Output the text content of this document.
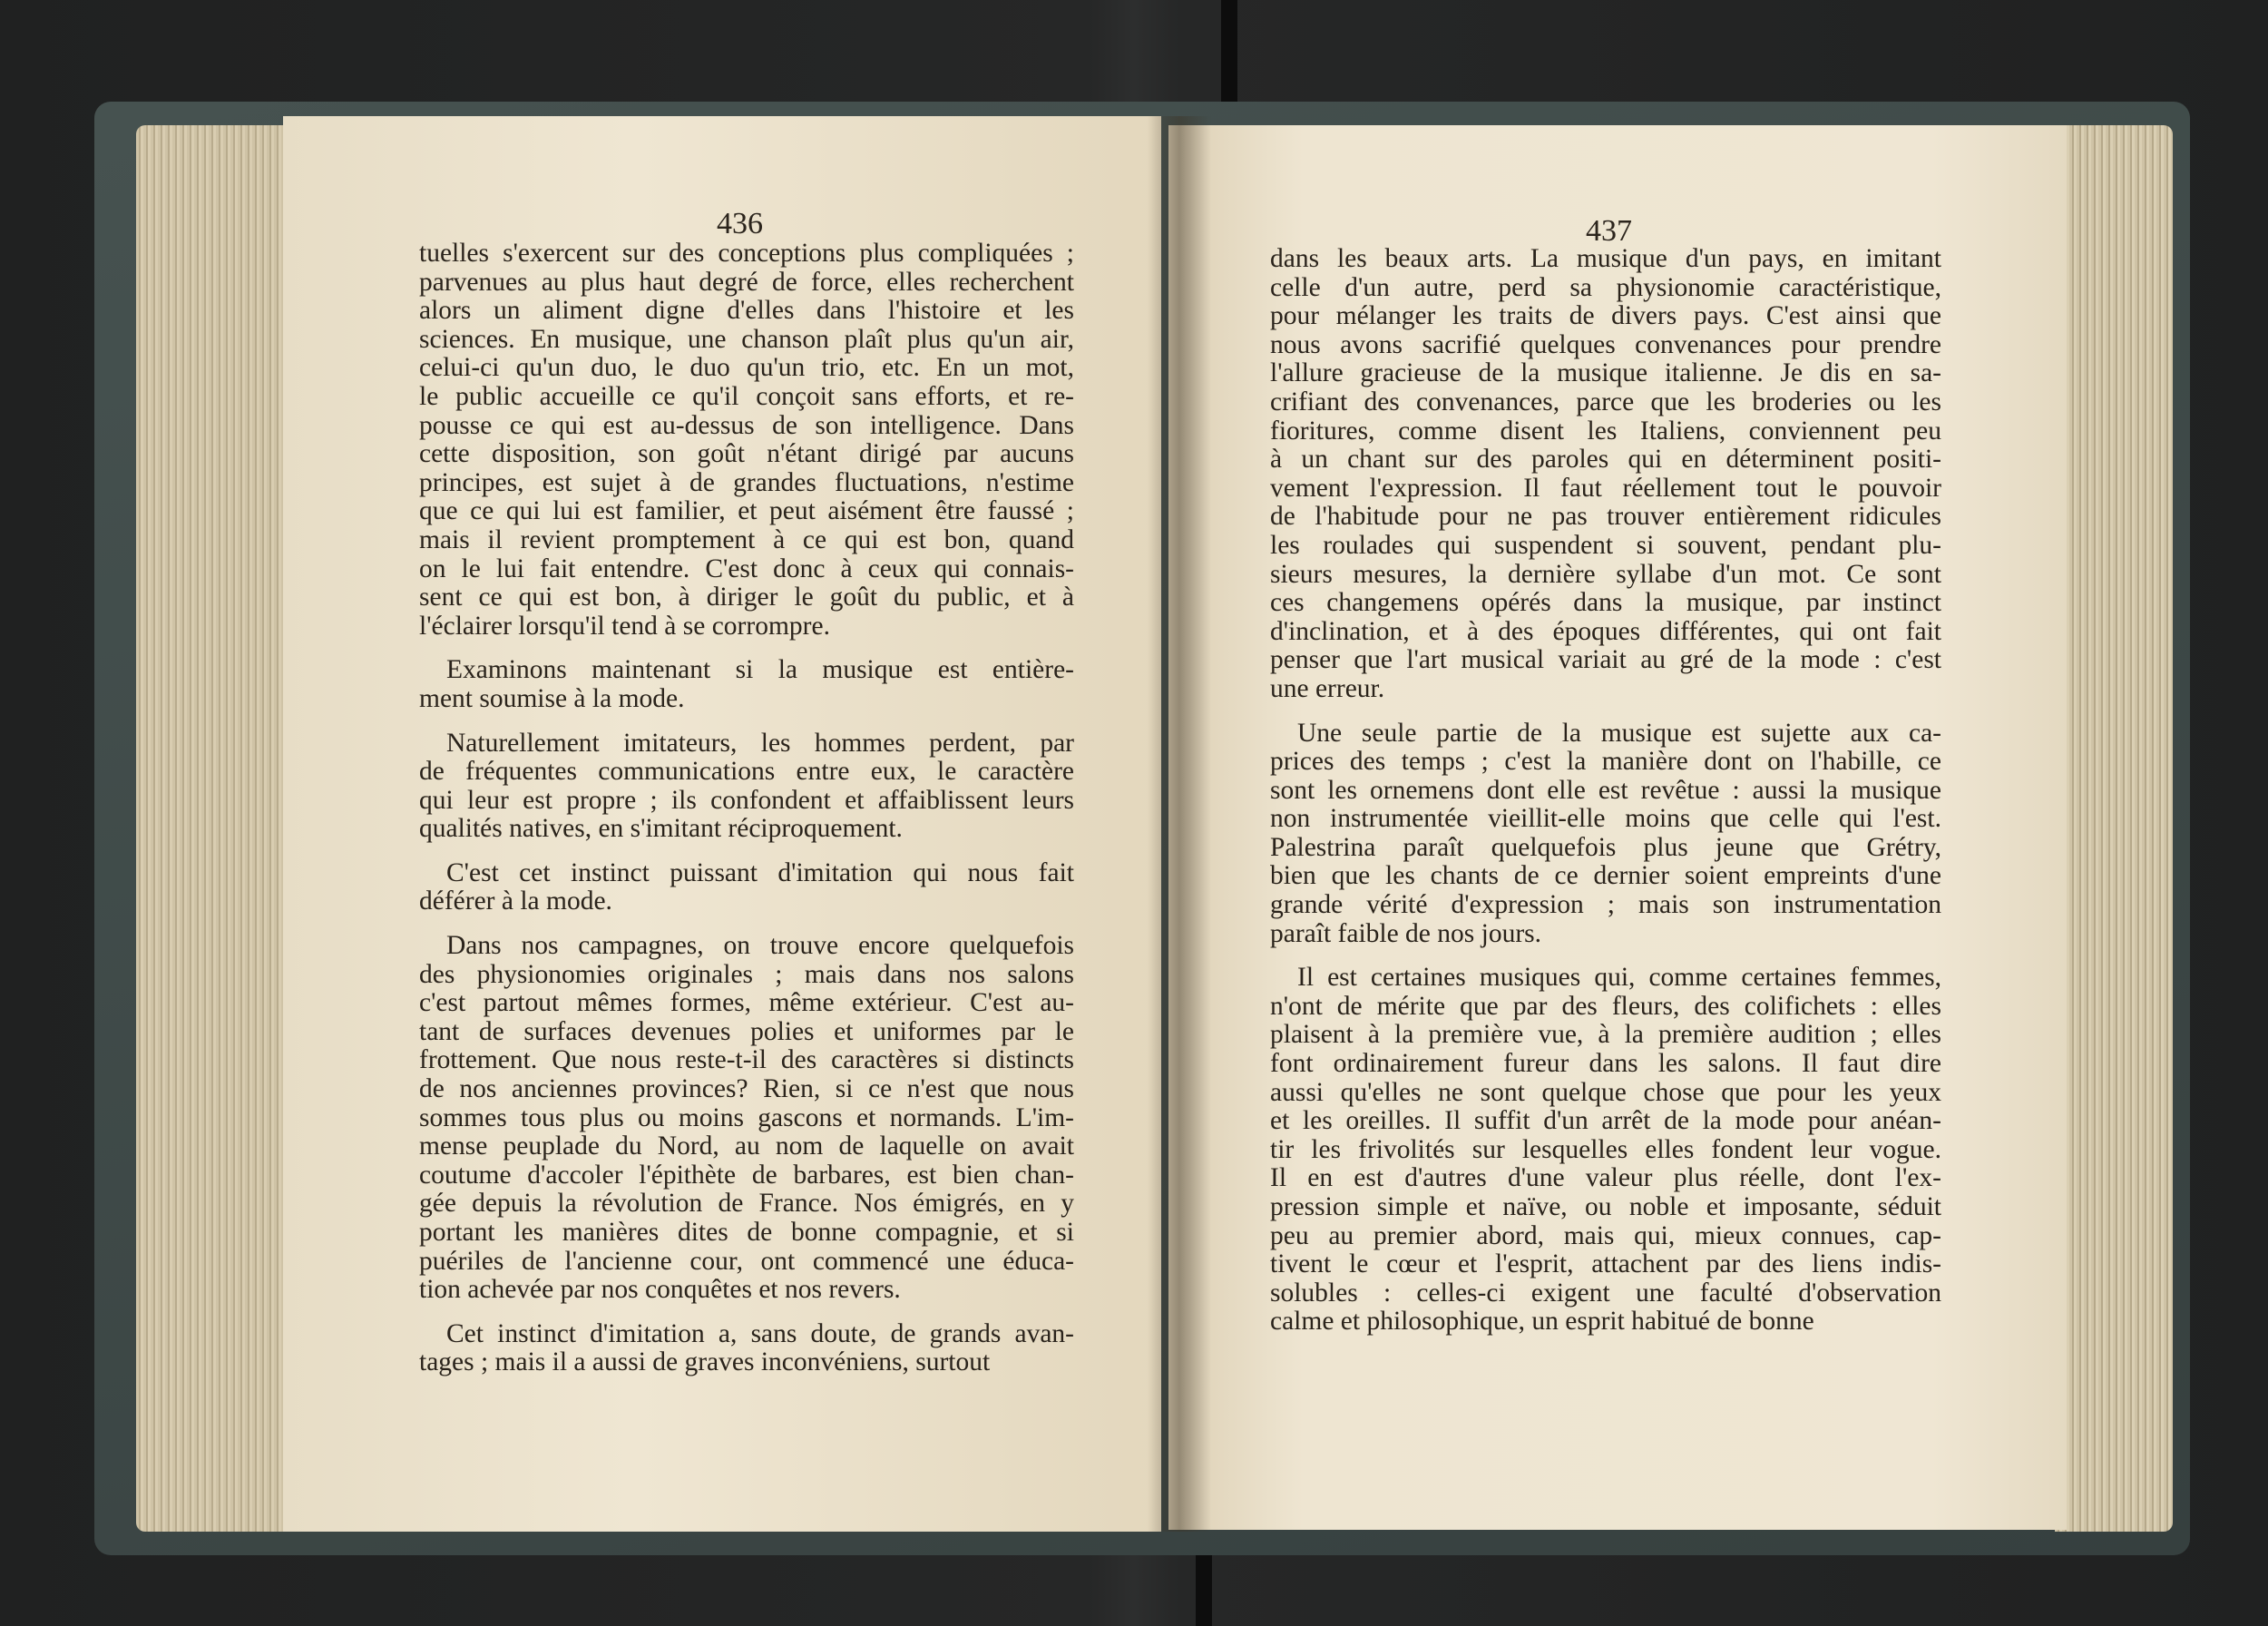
436
tuelles s'exercent sur des conceptions plus compliquées ;
parvenues au plus haut degré de force, elles recherchent
alors un aliment digne d'elles dans l'histoire et les
sciences. En musique, une chanson plaît plus qu'un air,
celui-ci qu'un duo, le duo qu'un trio, etc. En un mot,
le public accueille ce qu'il conçoit sans efforts, et re-
pousse ce qui est au-dessus de son intelligence. Dans
cette disposition, son goût n'étant dirigé par aucuns
principes, est sujet à de grandes fluctuations, n'estime
que ce qui lui est familier, et peut aisément être faussé ;
mais il revient promptement à ce qui est bon, quand
on le lui fait entendre. C'est donc à ceux qui connais-
sent ce qui est bon, à diriger le goût du public, et à
l'éclairer lorsqu'il tend à se corrompre.
Examinons maintenant si la musique est entière-
ment soumise à la mode.
Naturellement imitateurs, les hommes perdent, par
de fréquentes communications entre eux, le caractère
qui leur est propre ; ils confondent et affaiblissent leurs
qualités natives, en s'imitant réciproquement.
C'est cet instinct puissant d'imitation qui nous fait
déférer à la mode.
Dans nos campagnes, on trouve encore quelquefois
des physionomies originales ; mais dans nos salons
c'est partout mêmes formes, même extérieur. C'est au-
tant de surfaces devenues polies et uniformes par le
frottement. Que nous reste-t-il des caractères si distincts
de nos anciennes provinces? Rien, si ce n'est que nous
sommes tous plus ou moins gascons et normands. L'im-
mense peuplade du Nord, au nom de laquelle on avait
coutume d'accoler l'épithète de barbares, est bien chan-
gée depuis la révolution de France. Nos émigrés, en y
portant les manières dites de bonne compagnie, et si
puériles de l'ancienne cour, ont commencé une éduca-
tion achevée par nos conquêtes et nos revers.
Cet instinct d'imitation a, sans doute, de grands avan-
tages ; mais il a aussi de graves inconvéniens, surtout
437
dans les beaux arts. La musique d'un pays, en imitant
celle d'un autre, perd sa physionomie caractéristique,
pour mélanger les traits de divers pays. C'est ainsi que
nous avons sacrifié quelques convenances pour prendre
l'allure gracieuse de la musique italienne. Je dis en sa-
crifiant des convenances, parce que les broderies ou les
fioritures, comme disent les Italiens, conviennent peu
à un chant sur des paroles qui en déterminent positi-
vement l'expression. Il faut réellement tout le pouvoir
de l'habitude pour ne pas trouver entièrement ridicules
les roulades qui suspendent si souvent, pendant plu-
sieurs mesures, la dernière syllabe d'un mot. Ce sont
ces changemens opérés dans la musique, par instinct
d'inclination, et à des époques différentes, qui ont fait
penser que l'art musical variait au gré de la mode : c'est
une erreur.
Une seule partie de la musique est sujette aux ca-
prices des temps ; c'est la manière dont on l'habille, ce
sont les ornemens dont elle est revêtue : aussi la musique
non instrumentée vieillit-elle moins que celle qui l'est.
Palestrina paraît quelquefois plus jeune que Grétry,
bien que les chants de ce dernier soient empreints d'une
grande vérité d'expression ; mais son instrumentation
paraît faible de nos jours.
Il est certaines musiques qui, comme certaines femmes,
n'ont de mérite que par des fleurs, des colifichets : elles
plaisent à la première vue, à la première audition ; elles
font ordinairement fureur dans les salons. Il faut dire
aussi qu'elles ne sont quelque chose que pour les yeux
et les oreilles. Il suffit d'un arrêt de la mode pour anéan-
tir les frivolités sur lesquelles elles fondent leur vogue.
Il en est d'autres d'une valeur plus réelle, dont l'ex-
pression simple et naïve, ou noble et imposante, séduit
peu au premier abord, mais qui, mieux connues, cap-
tivent le cœur et l'esprit, attachent par des liens indis-
solubles : celles-ci exigent une faculté d'observation
calme et philosophique, un esprit habitué de bonne
